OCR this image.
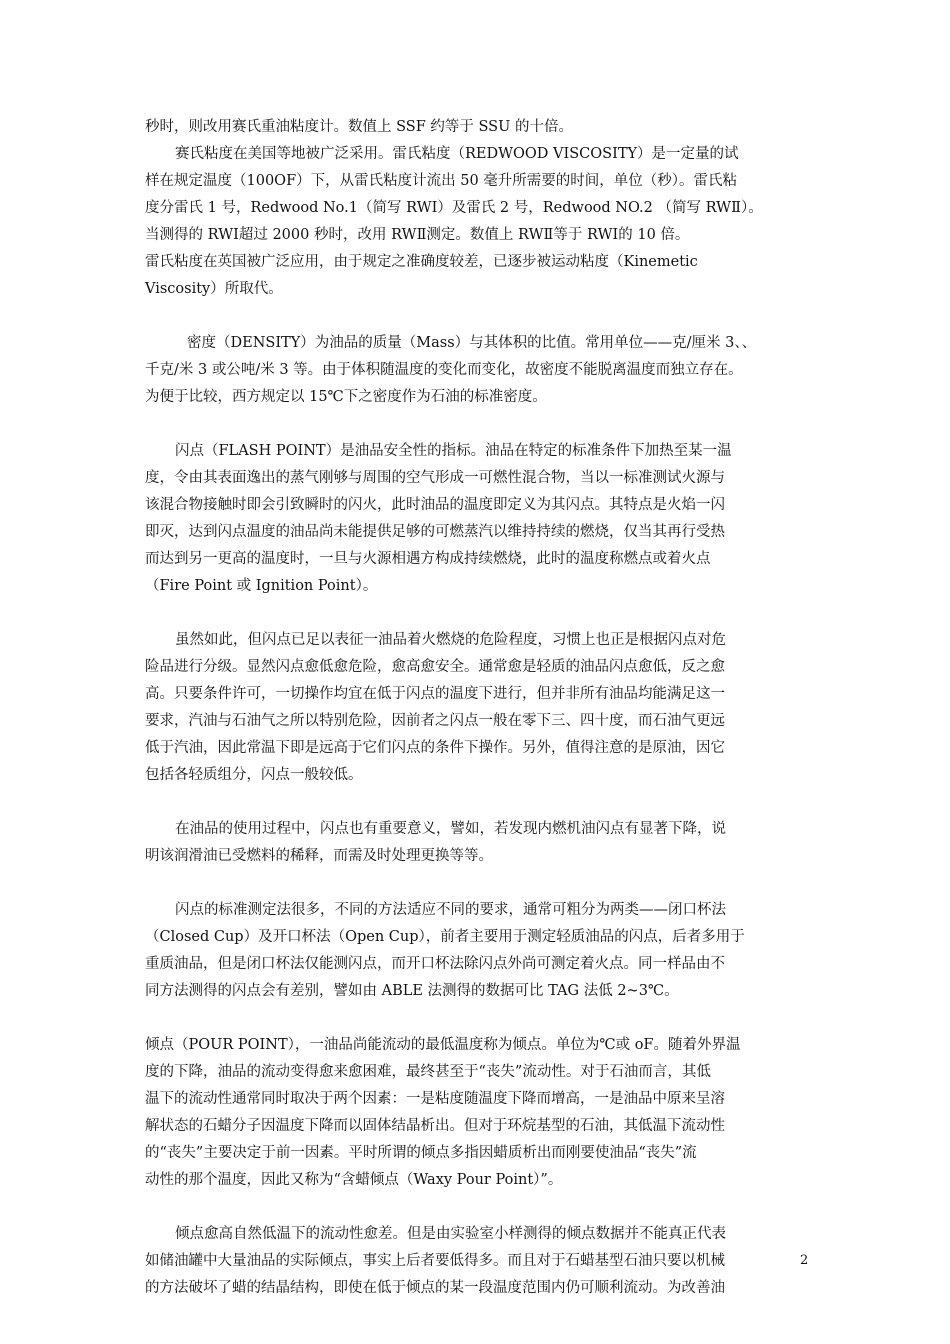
秒时，则改用赛氏重油粘度计。数值上 SSF 约等于 SSU 的十倍。

赛氏粘度在美国等地被广泛采用。雷氏粘度（REDWOOD VISCOSITY）是一定量的试
样在规定温度（100OF）下，从雷氏粘度计流出 50 毫升所需要的时间，单位（秒）。雷氏粘
度分雷氏 1 号，Redwood No.1（简写 RWⅠ）及雷氏 2 号，Redwood NO.2 （简写 RWⅡ）。
当测得的 RWⅠ超过 2000 秒时，改用 RWⅡ测定。数值上 RWⅡ等于 RWⅠ的 10 倍。

雷氏粘度在英国被广泛应用，由于规定之准确度较差，已逐步被运动粘度（Kinemetic
Viscosity）所取代。

密度（DENSITY）为油品的质量（Mass）与其体积的比值。常用单位——克/厘米 3、、
千克/米 3 或公吨/米 3 等。由于体积随温度的变化而变化，故密度不能脱离温度而独立存在。
为便于比较，西方规定以 15℃下之密度作为石油的标准密度。

闪点（FLASH POINT）是油品安全性的指标。油品在特定的标准条件下加热至某一温
度，令由其表面逸出的蒸气刚够与周围的空气形成一可燃性混合物，当以一标准测试火源与
该混合物接触时即会引致瞬时的闪火，此时油品的温度即定义为其闪点。其特点是火焰一闪
即灭，达到闪点温度的油品尚未能提供足够的可燃蒸汽以维持持续的燃烧，仅当其再行受热
而达到另一更高的温度时，一旦与火源相遇方构成持续燃烧，此时的温度称燃点或着火点
（Fire Point 或 Ignition Point）。

虽然如此，但闪点已足以表征一油品着火燃烧的危险程度，习惯上也正是根据闪点对危
险品进行分级。显然闪点愈低愈危险，愈高愈安全。通常愈是轻质的油品闪点愈低，反之愈
高。只要条件许可，一切操作均宜在低于闪点的温度下进行，但并非所有油品均能满足这一
要求，汽油与石油气之所以特别危险，因前者之闪点一般在零下三、四十度，而石油气更远
低于汽油，因此常温下即是远高于它们闪点的条件下操作。另外，值得注意的是原油，因它
包括各轻质组分，闪点一般较低。

在油品的使用过程中，闪点也有重要意义，譬如，若发现内燃机油闪点有显著下降，说
明该润滑油已受燃料的稀释，而需及时处理更换等等。

闪点的标准测定法很多，不同的方法适应不同的要求，通常可粗分为两类——闭口杯法
（Closed Cup）及开口杯法（Open Cup），前者主要用于测定轻质油品的闪点，后者多用于
重质油品，但是闭口杯法仅能测闪点，而开口杯法除闪点外尚可测定着火点。同一样品由不
同方法测得的闪点会有差别，譬如由 ABLE 法测得的数据可比 TAG 法低 2~3℃。

倾点（POUR POINT），一油品尚能流动的最低温度称为倾点。单位为℃或 oF。随着外界温
度的下降，油品的流动变得愈来愈困难，最终甚至于“丧失”流动性。对于石油而言，其低
温下的流动性通常同时取决于两个因素：一是粘度随温度下降而增高，一是油品中原来呈溶
解状态的石蜡分子因温度下降而以固体结晶析出。但对于环烷基型的石油，其低温下流动性
的“丧失”主要决定于前一因素。平时所谓的倾点多指因蜡质析出而刚要使油品“丧失”流
动性的那个温度，因此又称为“含蜡倾点（Waxy Pour Point）”。

倾点愈高自然低温下的流动性愈差。但是由实验室小样测得的倾点数据并不能真正代表
如储油罐中大量油品的实际倾点，事实上后者要低得多。而且对于石蜡基型石油只要以机械
的方法破坏了蜡的结晶结构，即使在低于倾点的某一段温度范围内仍可顺利流动。为改善油

2
